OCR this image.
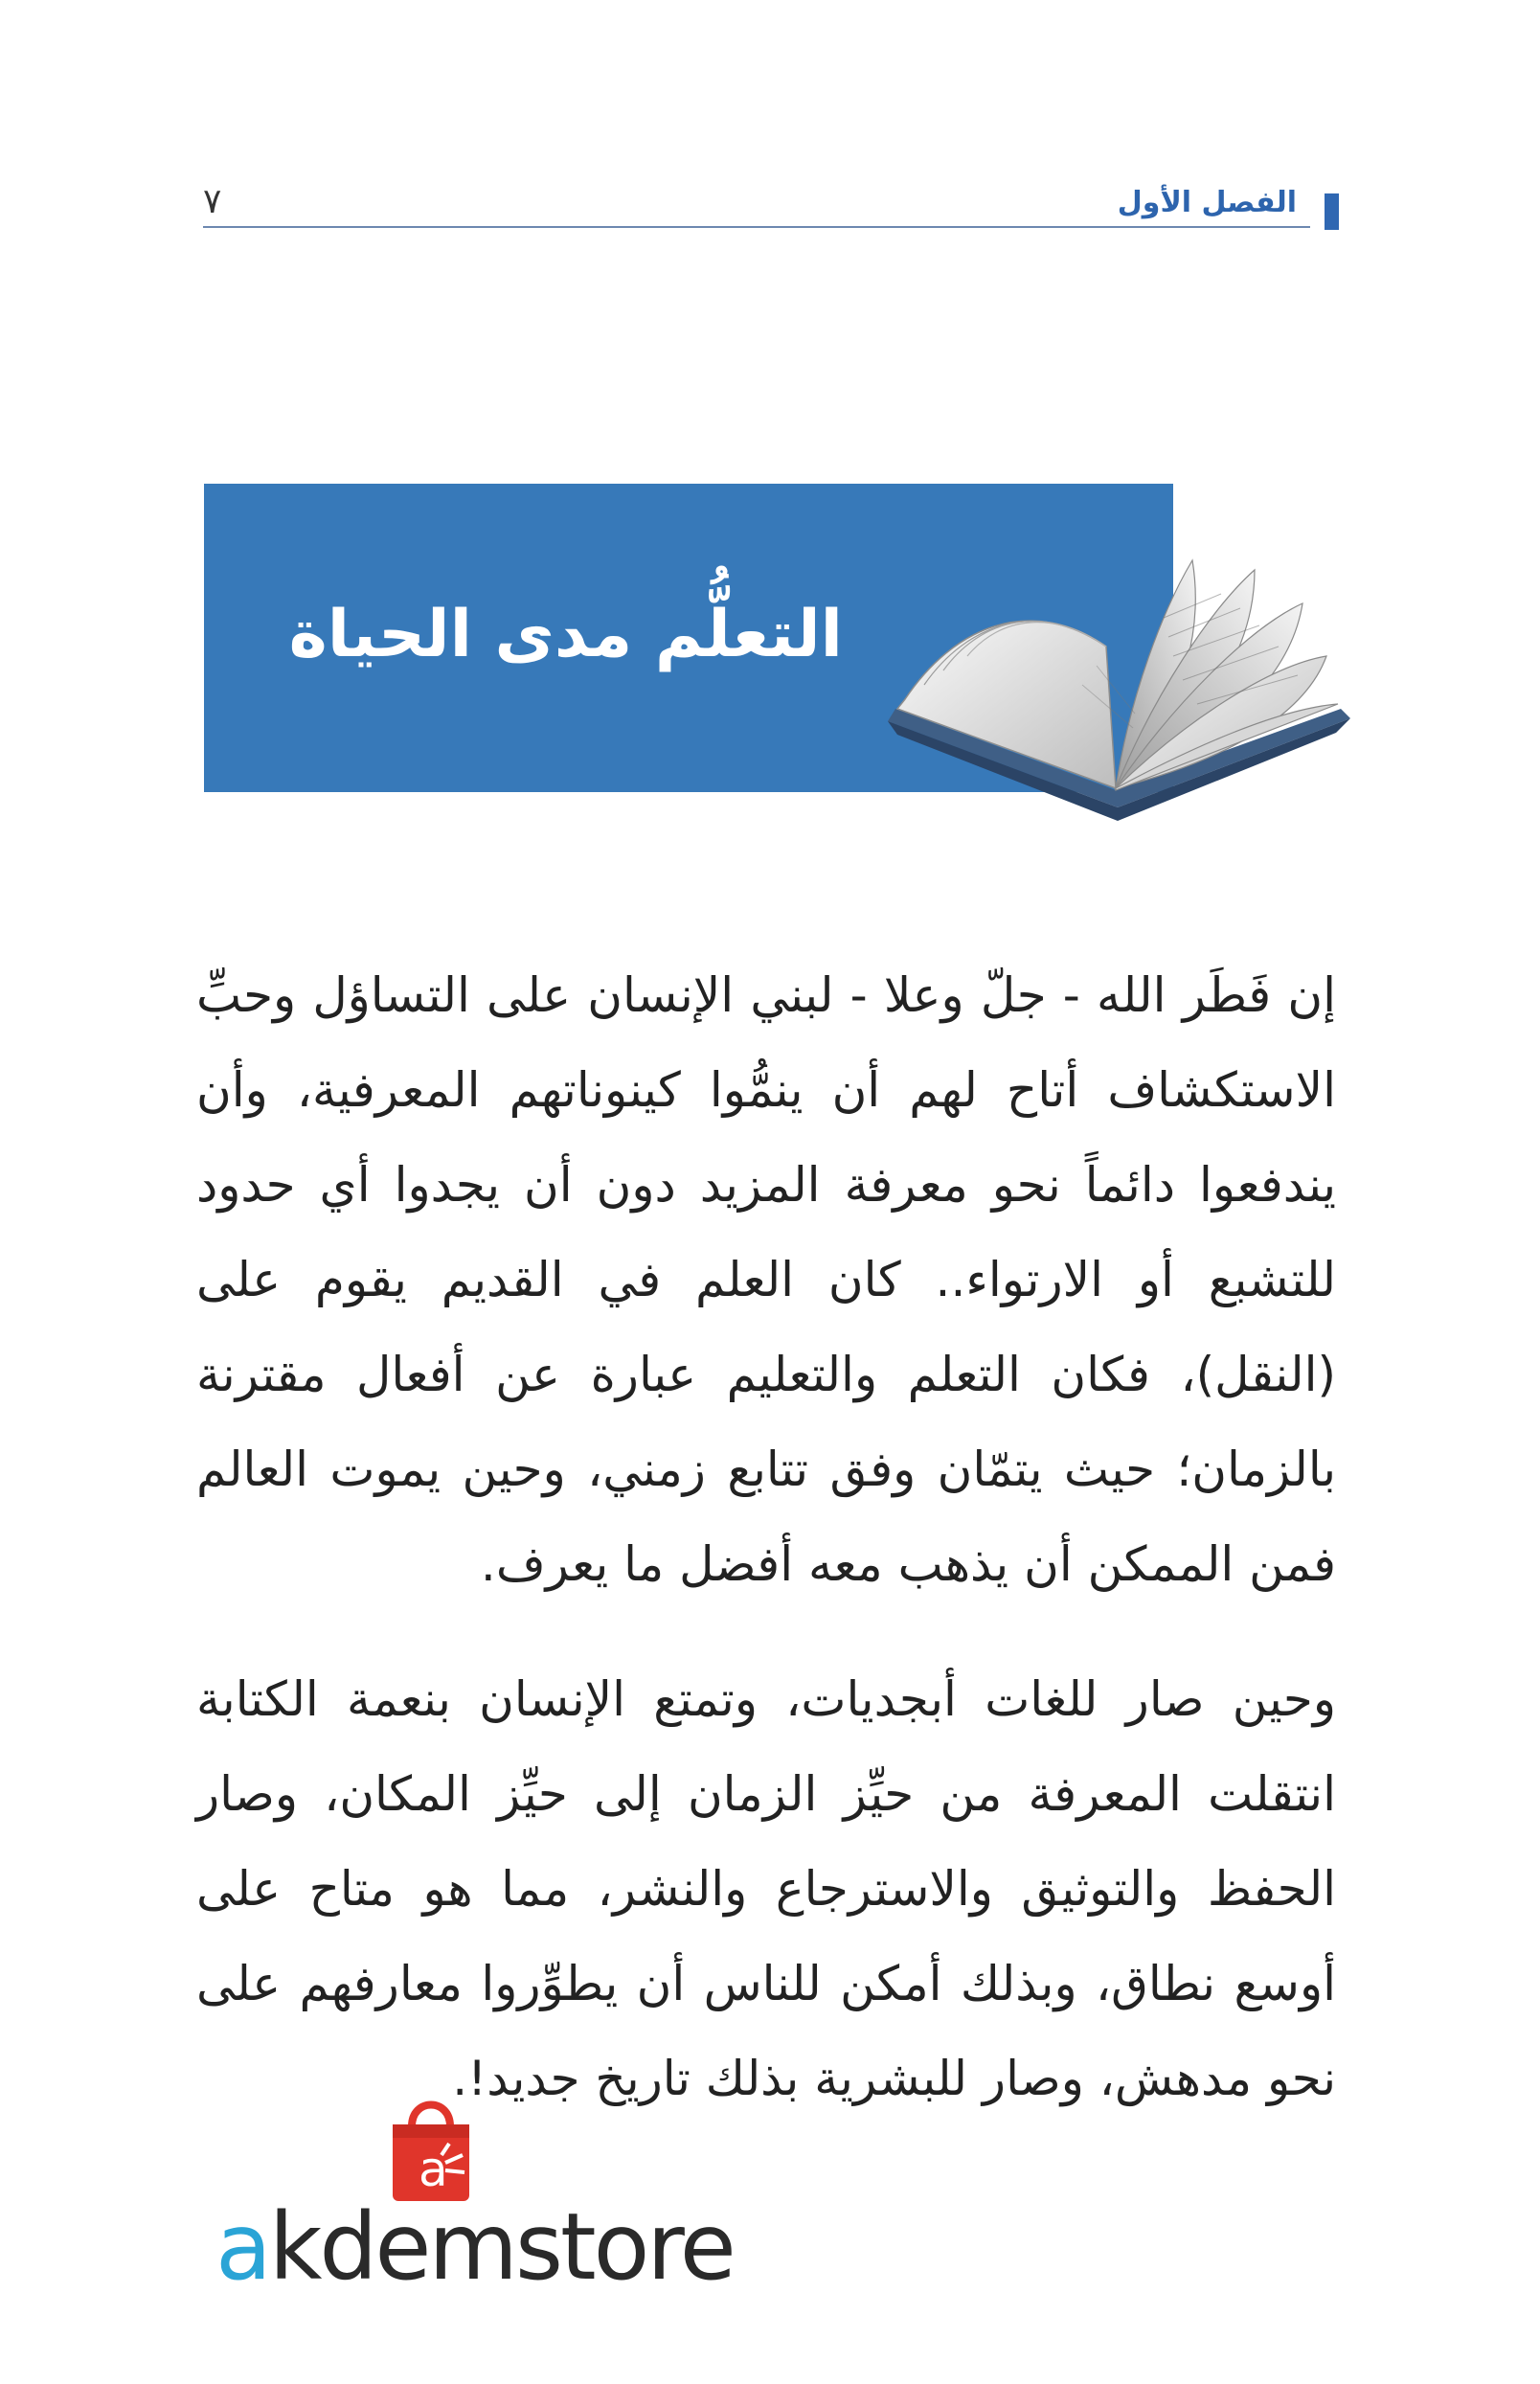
الفصل الأول
٧
التعلُّم مدى الحياة

إن فَطَر الله - جلّ وعلا - لبني الإنسان على التساؤل وحبِّ الاستكشاف أتاح لهم أن ينمُّوا كينوناتهم المعرفية، وأن يندفعوا دائماً نحو معرفة المزيد دون أن يجدوا أي حدود للتشبع أو الارتواء.. كان العلم في القديم يقوم على (النقل)، فكان التعلم والتعليم عبارة عن أفعال مقترنة بالزمان؛ حيث يتمّان وفق تتابع زمني، وحين يموت العالم فمن الممكن أن يذهب معه أفضل ما يعرف.

وحين صار للغات أبجديات، وتمتع الإنسان بنعمة الكتابة انتقلت المعرفة من حيِّز الزمان إلى حيِّز المكان، وصار الحفظ والتوثيق والاسترجاع والنشر، مما هو متاح على أوسع نطاق، وبذلك أمكن للناس أن يطوِّروا معارفهم على نحو مدهش، وصار للبشرية بذلك تاريخ جديد!.

a
akdemstore
